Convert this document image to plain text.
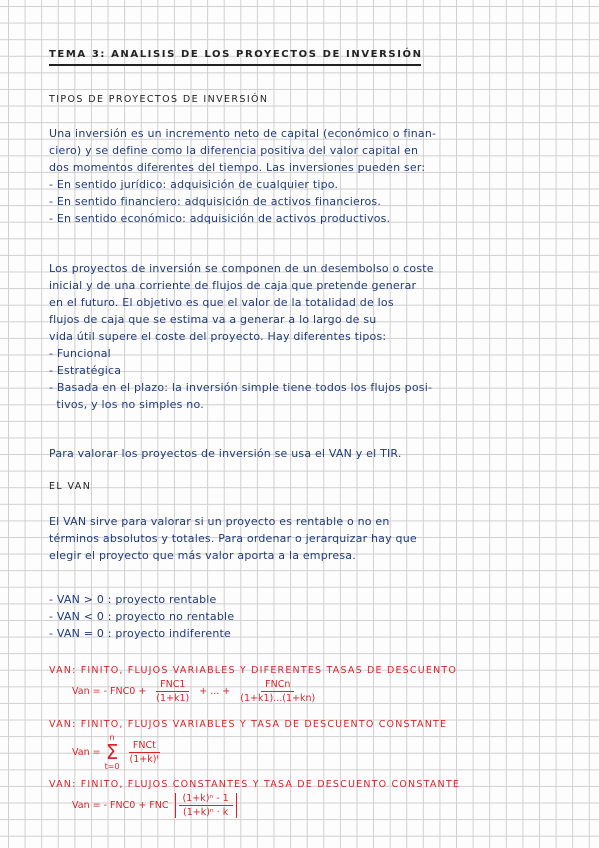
TEMA 3: ANALISIS DE LOS PROYECTOS DE INVERSIÓN

TIPOS DE PROYECTOS DE INVERSIÓN

Una inversión es un incremento neto de capital (económico o finan-

ciero) y se define como la diferencia positiva del valor capital en

dos momentos diferentes del tiempo. Las inversiones pueden ser:

- En sentido jurídico: adquisición de cualquier tipo.

- En sentido financiero: adquisición de activos financieros.

- En sentido económico: adquisición de activos productivos.

Los proyectos de inversión se componen de un desembolso o coste

inicial y de una corriente de flujos de caja que pretende generar

en el futuro. El objetivo es que el valor de la totalidad de los

flujos de caja que se estima va a generar a lo largo de su

vida útil supere el coste del proyecto. Hay diferentes tipos:

- Funcional

- Estratégica

- Basada en el plazo: la inversión simple tiene todos los flujos posi-

tivos, y los no simples no.

Para valorar los proyectos de inversión se usa el VAN y el TIR.

EL VAN

El VAN sirve para valorar si un proyecto es rentable o no en

términos absolutos y totales. Para ordenar o jerarquizar hay que

elegir el proyecto que más valor aporta a la empresa.

- VAN > 0 : proyecto rentable

- VAN < 0 : proyecto no rentable

- VAN = 0 : proyecto indiferente

VAN: FINITO, FLUJOS VARIABLES Y DIFERENTES TASAS DE DESCUENTO

Van = - $FNC0 + \frac{\text{FNC1}}{(1+k1)}$ + ... + $\frac{\text{FNCn}}{(1+k1)...(1+kn)}$

VAN: FINITO, FLUJOS VARIABLES Y TASA DE DESCUENTO CONSTANTE

Van =
n
Σ
t=0
$\frac{\text{FNCt}}{\text{(1+k)ᵗ}}$

VAN: FINITO, FLUJOS CONSTANTES Y TASA DE DESCUENTO CONSTANTE

Van = - FNC0 + FNC $\frac{\text{(1+k)ⁿ - 1}}{\text{(1+k)ⁿ · k}}$
